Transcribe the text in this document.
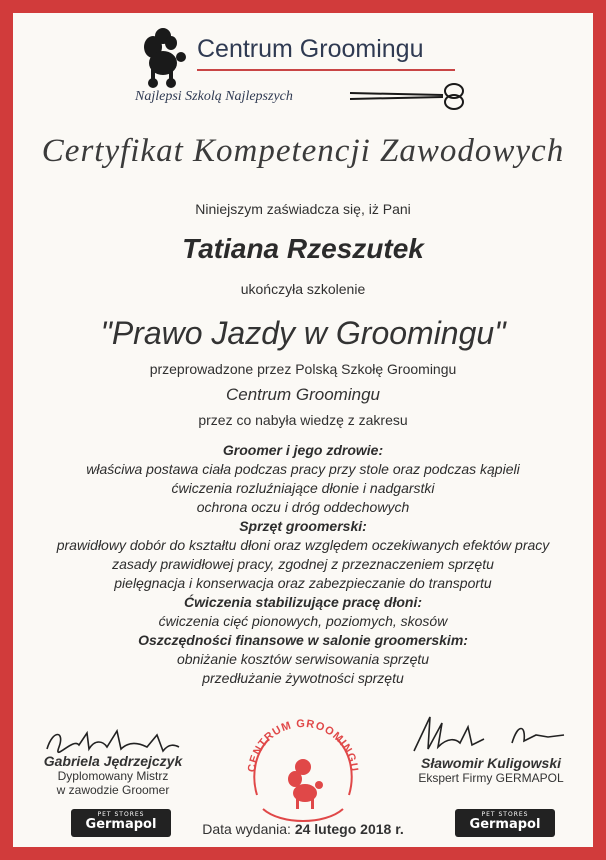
Centrum Groomingu
Najlepsi Szkolą Najlepszych
Certyfikat Kompetencji Zawodowych
Niniejszym zaświadcza się, iż Pani
Tatiana Rzeszutek
ukończyła szkolenie
"Prawo Jazdy w Groomingu"
przeprowadzone przez Polską Szkołę Groomingu
Centrum Groomingu
przez co nabyła wiedzę z zakresu
Groomer i jego zdrowie:
właściwa postawa ciała podczas pracy przy stole oraz podczas kąpieli
ćwiczenia rozluźniające dłonie i nadgarstki
ochrona oczu i dróg oddechowych
Sprzęt groomerski:
prawidłowy dobór do kształtu dłoni oraz względem oczekiwanych efektów pracy
zasady prawidłowej pracy, zgodnej z przeznaczeniem sprzętu
pielęgnacja i konserwacja oraz zabezpieczanie do transportu
Ćwiczenia stabilizujące pracę dłoni:
ćwiczenia cięć pionowych, poziomych, skosów
Oszczędności finansowe w salonie groomerskim:
obniżanie kosztów serwisowania sprzętu
przedłużanie żywotności sprzętu
Gabriela Jędrzejczyk
Dyplomowany Mistrz
w zawodzie Groomer
Sławomir Kuligowski
Ekspert Firmy GERMAPOL
CENTRUM GROOMINGU
PET STORES
Germapol
PET STORES
Germapol
Data wydania: 24 lutego 2018 r.
